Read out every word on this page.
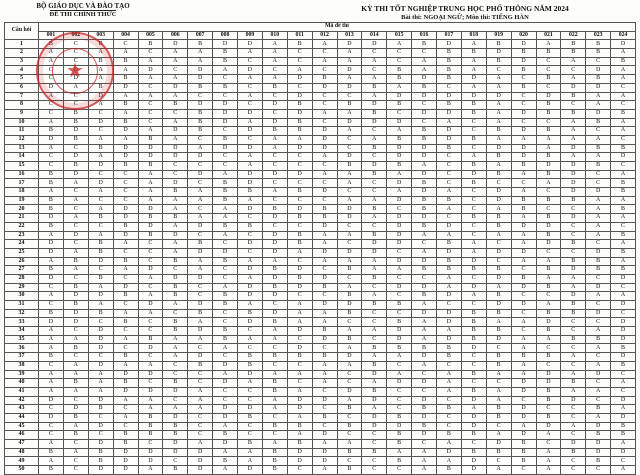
BỘ GIÁO DỤC VÀ ĐÀO TẠO
ĐỀ THI CHÍNH THỨC
KỲ THI TỐT NGHIỆP TRUNG HỌC PHỔ THÔNG NĂM 2024
Bài thi: NGOẠI NGỮ; Môn thi: TIẾNG HÀN
Câu hỏi	Mã đề thi																							
	001	002	003	004	005	006	007	008	009	010	011	012	013	014	015	016	017	018	019	020	021	022	023	024
1	B	C	B	C	B	D	B	D	D	A	B	A	D	D	A	B	D	A	B	D	A	B	B	D
2	A	C	A	A	C	A	A	B	A	A	C	C	A	C	C	C	B	B	D	B	B	B	B	A
3	A	C	B	B	A	A	A	B	C	A	C	A	A	A	C	A	B	A	B	D	C	A	C	B
4	C	D	A	A	D	C	D	A	D	C	A	C	D	C	B	A	B	A	C	B	C	C	D	A
5	C	D	A	B	A	A	D	C	A	A	D	B	A	A	B	D	B	D	A	C	B	A	B	A
6	D	A	B	D	C	D	B	B	C	B	C	D	D	B	A	B	C	A	A	B	C	D	D	C
7	A	C	D	A	A	A	C	C	A	C	D	C	C	A	D	D	D	D	D	C	D	B	A	A
8	C	C	A	B	C	B	D	D	C	D	B	C	B	D	B	C	B	B	A	C	B	C	A	C
9	C	B	C	A	C	C	B	D	D	C	D	A	A	B	C	D	D	B	A	D	B	B	D	B
10	A	B	D	B	C	A	B	D	A	D	B	C	D	D	D	C	A	C	A	C	C	A	B	A
11	B	D	C	D	A	D	B	C	D	B	B	D	A	C	A	B	D	C	B	D	B	A	C	A
12	D	B	A	A	B	A	C	B	C	A	A	D	C	A	B	B	D	B	A	A	A	A	A	C
13	A	C	B	D	D	D	A	D	D	A	D	D	C	B	D	D	B	C	D	D	A	D	B	B
14	C	D	A	D	D	D	D	C	A	C	C	A	D	C	D	D	C	A	B	D	B	A	A	D
15	C	B	D	B	B	C	C	C	A	C	C	C	B	D	B	A	C	B	A	B	D	D	B	C
16	B	D	C	C	A	C	D	A	D	D	D	A	A	B	A	D	C	D	B	A	B	D	C	A
17	B	A	D	C	A	D	C	B	D	C	C	C	A	C	D	B	C	B	C	C	A	D	C	B
18	A	C	A	C	A	B	A	B	B	A	B	D	C	C	A	D	A	C	D	A	C	D	D	B
19	B	A	C	C	A	A	A	B	A	C	C	C	A	A	D	B	B	C	D	B	B	B	A	A
20	B	C	A	D	D	A	C	A	D	B	D	B	D	B	C	B	A	C	A	B	C	C	A	B
21	D	A	B	D	B	B	A	A	C	D	B	B	D	A	D	D	C	B	B	A	B	D	A	A
22	B	C	C	B	D	A	D	B	B	C	C	D	C	C	D	B	D	C	B	D	D	C	A	C
23	A	D	A	D	B	D	C	A	C	D	B	A	A	B	D	A	A	C	A	A	B	C	A	B
24	D	C	B	A	C	A	B	C	D	D	B	A	C	D	D	C	B	A	C	A	D	B	C	A
25	D	A	B	C	C	A	D	D	C	D	A	D	D	D	C	A	D	A	D	D	C	C	D	B
26	A	B	D	B	C	B	A	B	A	A	C	A	A	A	D	D	B	D	C	A	A	B	B	A
27	B	A	C	A	D	C	A	C	D	B	D	C	B	A	A	B	B	B	B	C	B	D	B	B
28	D	C	B	C	A	D	D	C	A	D	B	D	C	B	C	C	A	C	D	B	A	A	C	D
29	C	B	A	D	C	B	C	A	D	B	D	B	A	C	D	D	A	D	A	D	B	A	D	C
30	A	D	D	B	A	B	C	B	D	D	C	C	B	A	C	B	D	A	B	C	C	D	A	A
31	C	B	A	C	D	A	D	B	A	C	A	D	D	B	B	A	C	C	D	D	A	B	C	D
32	B	D	B	A	A	C	B	C	B	D	A	A	B	C	C	D	D	B	B	C	B	B	D	C
33	D	D	C	B	C	B	A	C	D	B	A	A	C	C	B	A	D	B	A	A	D	C	C	D
34	A	C	D	C	C	B	D	B	C	A	D	B	A	A	D	A	A	B	B	C	B	C	A	D
35	A	A	D	A	B	A	A	B	A	A	C	D	B	C	D	A	D	B	D	A	A	B	B	D
36	A	B	D	C	D	A	C	A	C	C	D	C	A	B	B	B	B	D	C	A	C	C	A	B
37	B	C	C	B	C	A	D	C	B	B	B	B	D	A	A	D	B	C	B	B	B	A	C	D
38	C	A	D	A	A	C	B	D	B	C	C	A	A	B	C	A	C	C	B	A	C	C	A	B
39	A	A	A	D	D	C	C	A	D	A	A	A	C	D	A	C	A	B	A	A	D	A	D	C
40	A	B	A	B	C	B	C	D	A	B	C	A	C	A	D	D	A	C	C	D	D	B	C	A
41	A	A	A	D	D	D	A	C	C	B	A	C	D	B	C	C	A	B	A	D	B	A	A	C
42	D	C	D	A	A	C	A	C	C	A	D	D	A	D	C	D	C	D	A	C	B	D	C	D
43	C	D	B	C	A	A	A	D	D	A	D	C	B	A	C	B	B	A	B	D	C	C	B	A
44	D	B	C	A	B	D	C	D	B	C	A	B	C	D	B	D	C	D	B	D	B	C	A	D
45	C	A	D	C	B	B	C	A	C	B	B	C	B	D	D	B	C	D	C	A	D	A	D	B
46	C	B	C	B	B	B	C	B	C	C	A	D	C	C	B	D	B	B	A	D	A	C	B	B
47	A	C	D	B	C	D	A	D	B	A	B	A	A	C	B	C	A	C	D	B	C	D	D	A
48	B	A	B	D	D	D	D	A	A	B	D	D	B	B	A	A	D	B	B	B	A	B	D	D
49	A	C	B	D	D	C	D	B	A	B	D	D	C	C	B	A	A	D	C	B	A	C	B	C
50	B	C	D	D	A	B	D	A	D	B	C	A	B	C	C	A	B	D	A	C	A	C	C	A
★
